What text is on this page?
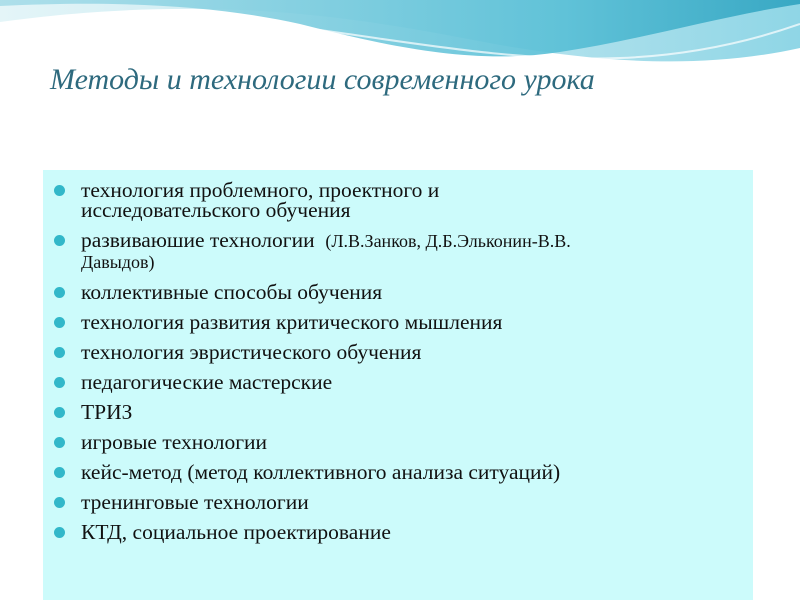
Методы и технологии современного урока
технология проблемного, проектного и
исследовательского обучения
развиваюшие технологии  (Л.В.Занков, Д.Б.Эльконин-В.В.
Давыдов)
коллективные способы обучения
технология развития критического мышления
технология эвристического обучения
педагогические мастерские
ТРИЗ
игровые технологии
кейс-метод (метод коллективного анализа ситуаций)
тренинговые технологии
КТД, социальное проектирование
